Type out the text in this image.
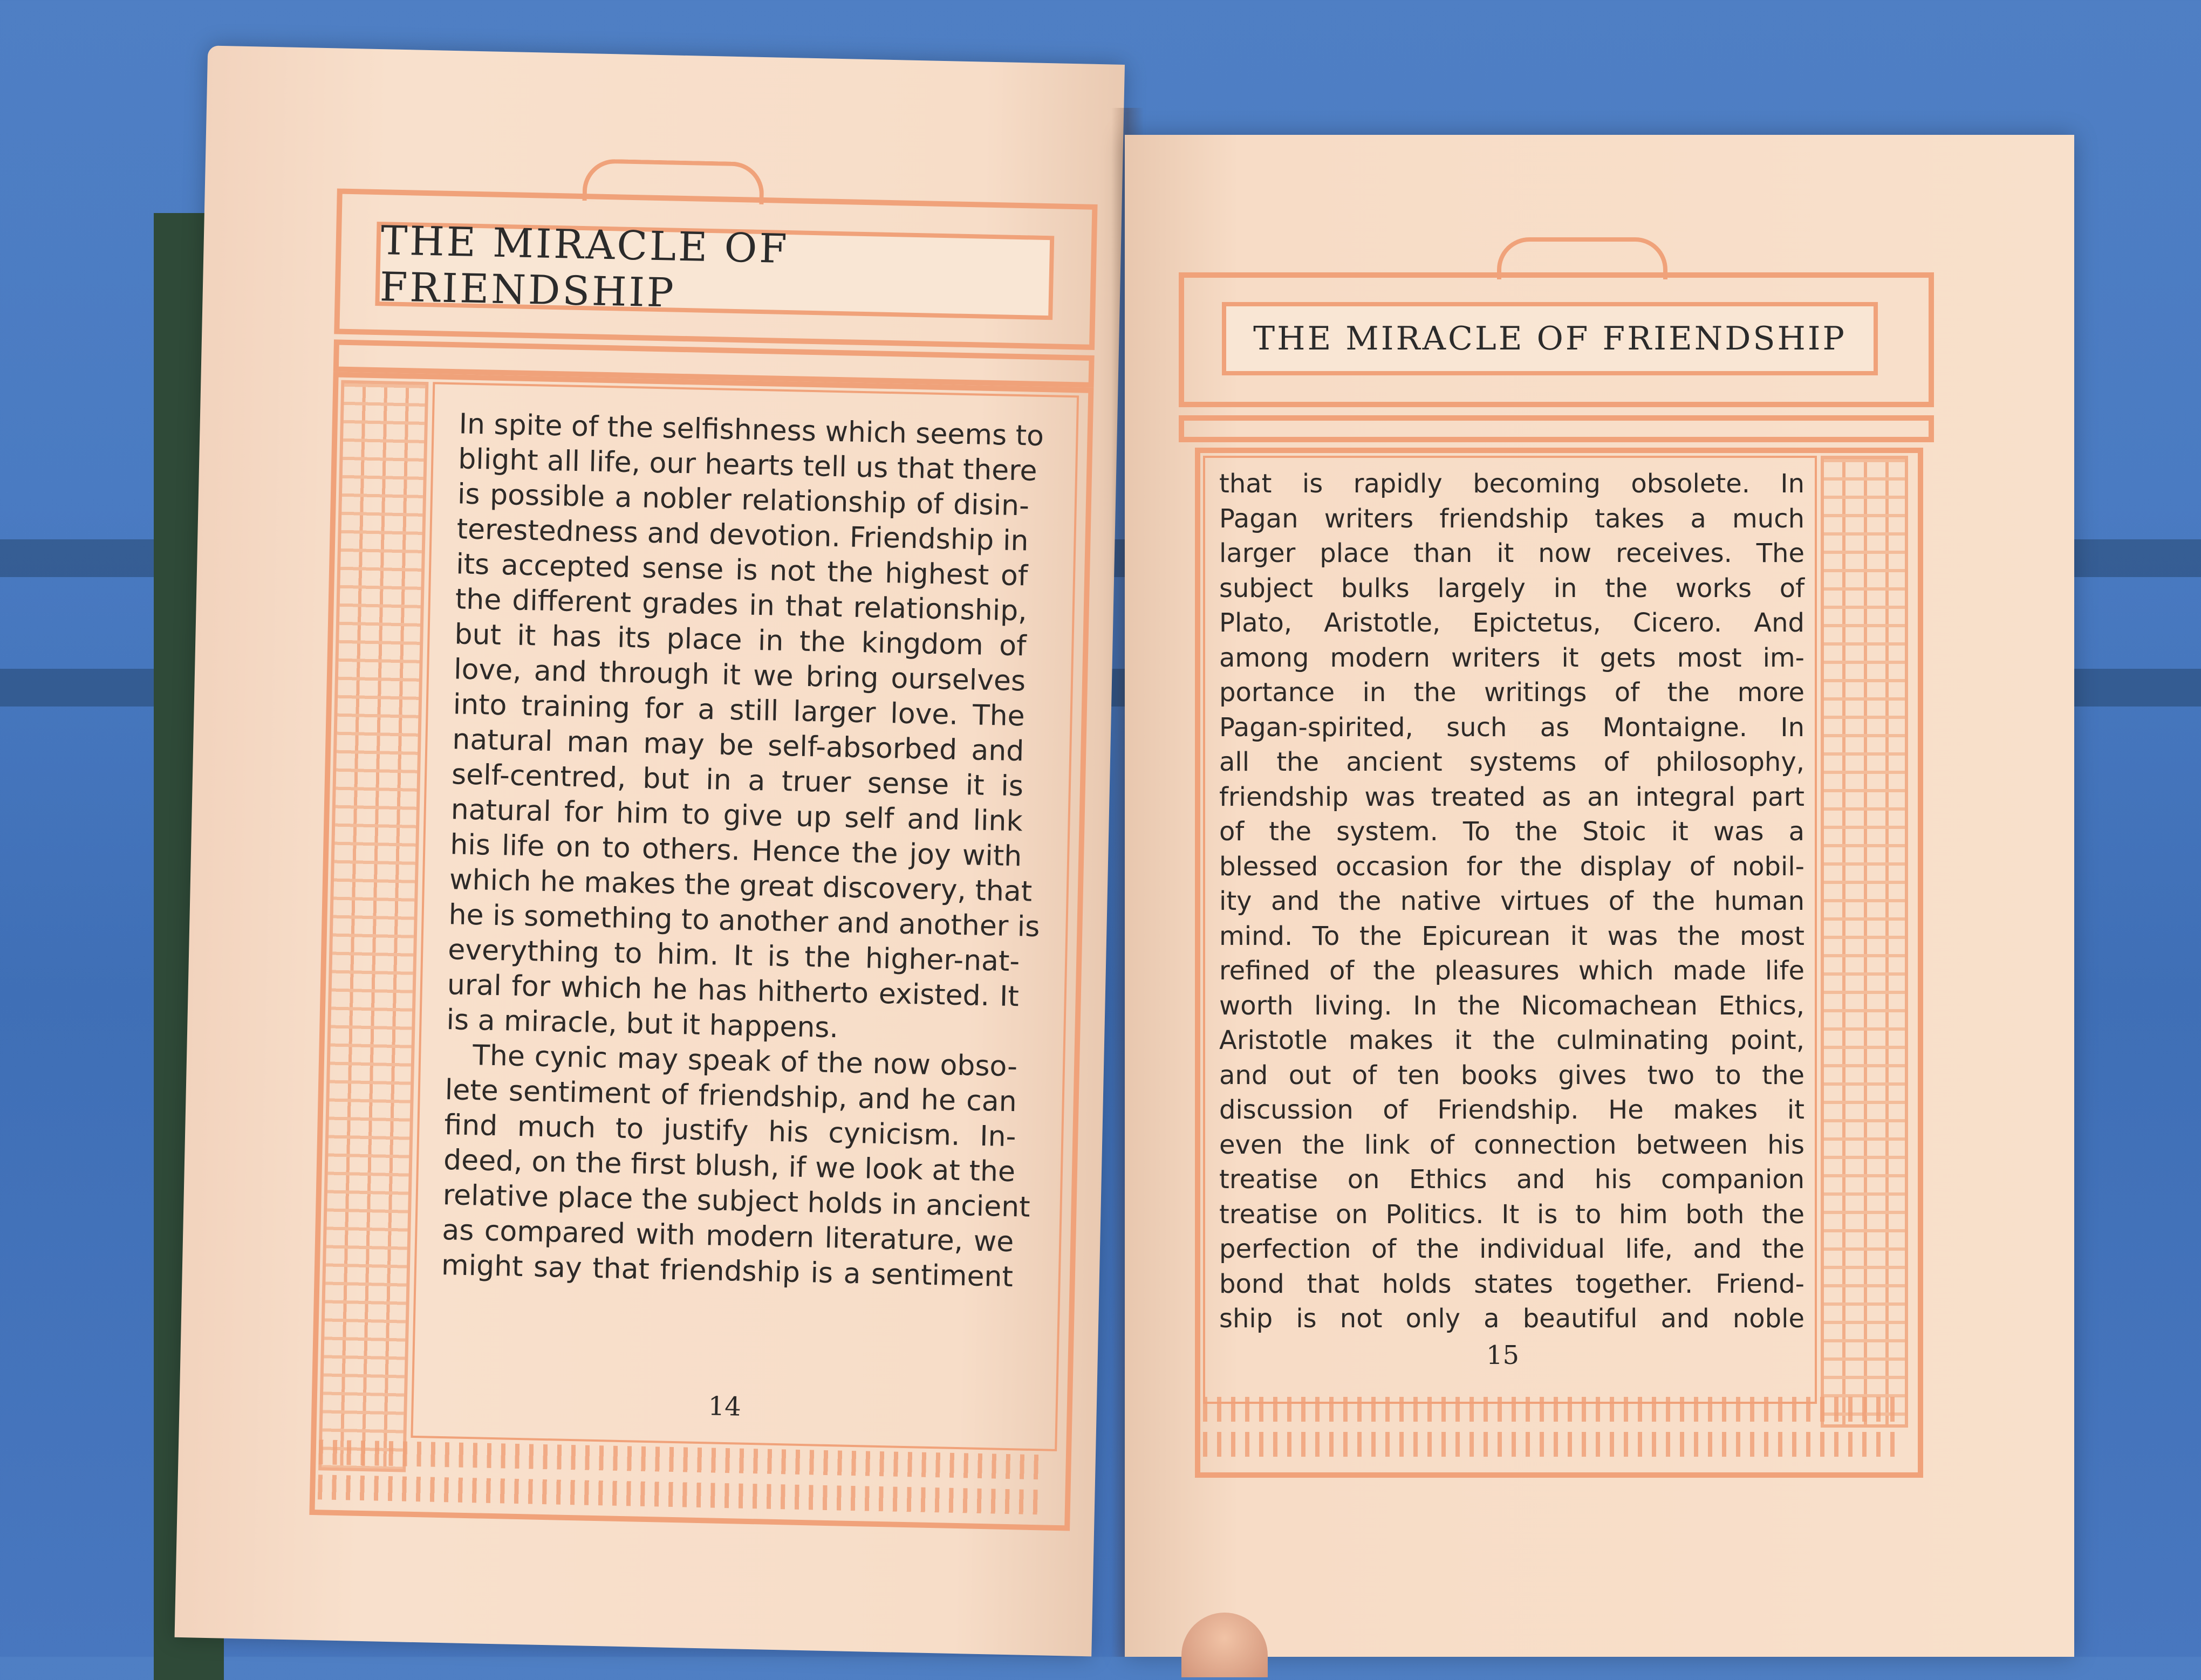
THE MIRACLE OF FRIENDSHIP
In spite of the selfishness which seems to
blight all life, our hearts tell us that there
is possible a nobler relationship of disin-
terestedness and devotion. Friendship in
its accepted sense is not the highest of
the different grades in that relationship,
but it has its place in the kingdom of
love, and through it we bring ourselves
into training for a still larger love. The
natural man may be self-absorbed and
self-centred, but in a truer sense it is
natural for him to give up self and link
his life on to others. Hence the joy with
which he makes the great discovery, that
he is something to another and another is
everything to him. It is the higher-nat-
ural for which he has hitherto existed. It
is a miracle, but it happens.
The cynic may speak of the now obso-
lete sentiment of friendship, and he can
find much to justify his cynicism. In-
deed, on the first blush, if we look at the
relative place the subject holds in ancient
as compared with modern literature, we
might say that friendship is a sentiment
14
THE MIRACLE OF FRIENDSHIP
that is rapidly becoming obsolete. In
Pagan writers friendship takes a much
larger place than it now receives. The
subject bulks largely in the works of
Plato, Aristotle, Epictetus, Cicero. And
among modern writers it gets most im-
portance in the writings of the more
Pagan-spirited, such as Montaigne. In
all the ancient systems of philosophy,
friendship was treated as an integral part
of the system. To the Stoic it was a
blessed occasion for the display of nobil-
ity and the native virtues of the human
mind. To the Epicurean it was the most
refined of the pleasures which made life
worth living. In the Nicomachean Ethics,
Aristotle makes it the culminating point,
and out of ten books gives two to the
discussion of Friendship. He makes it
even the link of connection between his
treatise on Ethics and his companion
treatise on Politics. It is to him both the
perfection of the individual life, and the
bond that holds states together. Friend-
ship is not only a beautiful and noble
15
